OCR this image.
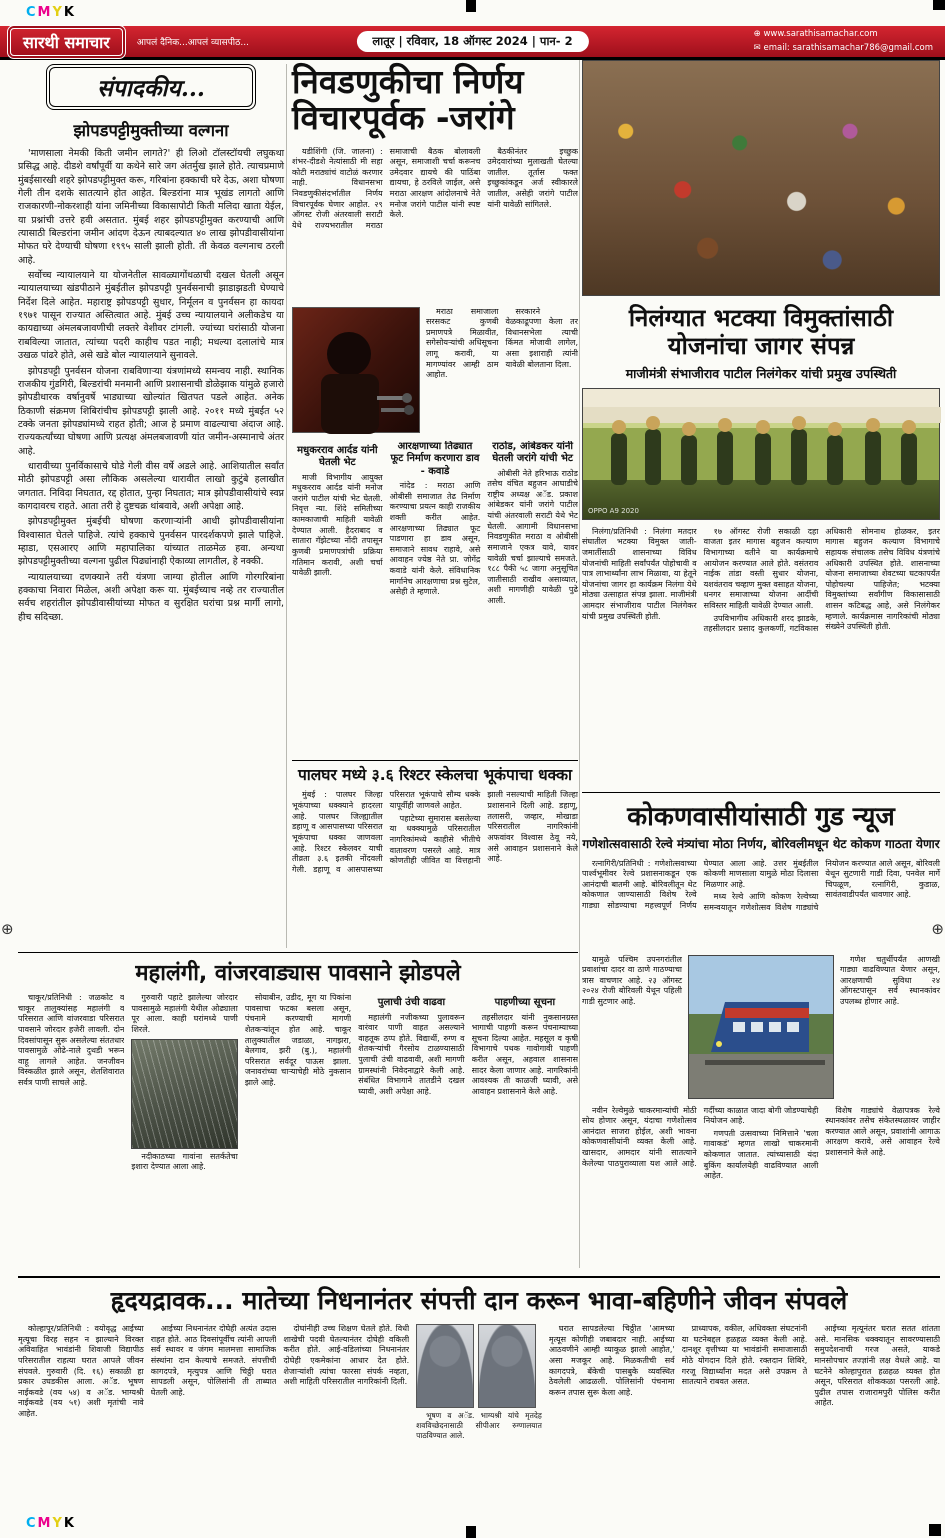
CMYK
सारथी समाचार	आपलं दैनिक...आपलं व्यासपीठ...	लातूर | रविवार, 18 ऑगस्ट 2024 | पान- 2
⊕ www.sarathisamachar.com
✉ email: sarathisamachar786@gmail.com
संपादकीय...
झोपडपट्टीमुक्तीच्या वल्गना

'माणसाला नेमकी किती जमीन लागते?' ही लिओ टॉलस्टॉयची लघुकथा प्रसिद्ध आहे. दीडशे वर्षांपूर्वी या कथेने सारे जग अंतर्मुख झाले होते. त्याचप्रमाणे मुंबईसारखी शहरे झोपडपट्टीमुक्त करू, गरिबांना हक्काची घरे देऊ, अशा घोषणा गेली तीन दशके सातत्याने होत आहेत. बिल्डरांना मात्र भूखंड लागतो आणि राजकारणी-नोकरशाही यांना जमिनीच्या विकासापोटी किती मलिदा खाता येईल, या प्रश्नांची उत्तरे हवी असतात. मुंबई शहर झोपडपट्टीमुक्त करण्याची आणि त्यासाठी बिल्डरांना जमीन आंदण देऊन त्याबदल्यात ४० लाख झोपडीवासीयांना मोफत घरे देण्याची घोषणा १९९५ साली झाली होती. ती केवळ वल्गनाच ठरली आहे.

सर्वोच्च न्यायालयाने या योजनेतील सावळ्यागोंधळाची दखल घेतली असून न्यायालयाच्या खंडपीठाने मुंबईतील झोपडपट्टी पुनर्वसनाची झाडाझडती घेण्याचे निर्देश दिले आहेत. महाराष्ट्र झोपडपट्टी सुधार, निर्मूलन व पुनर्वसन हा कायदा १९७१ पासून राज्यात अस्तित्वात आहे. मुंबई उच्च न्यायालयाने अलीकडेच या कायद्याच्या अंमलबजावणीची लक्तरे वेशीवर टांगली. ज्यांच्या घरांसाठी योजना राबविल्या जातात, त्यांच्या पदरी काहीच पडत नाही; मधल्या दलालांचे मात्र उखळ पांढरे होते, असे खडे बोल न्यायालयाने सुनावले.

झोपडपट्टी पुनर्वसन योजना राबविणाऱ्या यंत्रणांमध्ये समन्वय नाही. स्थानिक राजकीय गुंडगिरी, बिल्डरांची मनमानी आणि प्रशासनाची डोळेझाक यांमुळे हजारो झोपडीधारक वर्षानुवर्षे भाड्याच्या खोल्यांत खितपत पडले आहेत. अनेक ठिकाणी संक्रमण शिबिरांचीच झोपडपट्टी झाली आहे. २०११ मध्ये मुंबईत ५२ टक्के जनता झोपड्यांमध्ये राहत होती; आज हे प्रमाण वाढल्याचा अंदाज आहे. राज्यकर्त्यांच्या घोषणा आणि प्रत्यक्ष अंमलबजावणी यांत जमीन-अस्मानाचे अंतर आहे.

धारावीच्या पुनर्विकासाचे घोडे गेली वीस वर्षे अडले आहे. आशियातील सर्वांत मोठी झोपडपट्टी असा लौकिक असलेल्या धारावीत लाखो कुटुंबे हलाखीत जगतात. निविदा निघतात, रद्द होतात, पुन्हा निघतात; मात्र झोपडीवासीयांचे स्वप्न कागदावरच राहते. आता तरी हे दुष्टचक्र थांबवावे, अशी अपेक्षा आहे.

झोपडपट्टीमुक्त मुंबईची घोषणा करणाऱ्यांनी आधी झोपडीवासीयांना विश्वासात घेतले पाहिजे. त्यांचे हक्काचे पुनर्वसन पारदर्शकपणे झाले पाहिजे. म्हाडा, एसआरए आणि महापालिका यांच्यात ताळमेळ हवा. अन्यथा झोपडपट्टीमुक्तीच्या वल्गना पुढील पिढ्यांनाही ऐकाव्या लागतील, हे नक्की.

न्यायालयाच्या दणक्याने तरी यंत्रणा जाग्या होतील आणि गोरगरिबांना हक्काचा निवारा मिळेल, अशी अपेक्षा करू या. मुंबईच्याच नव्हे तर राज्यातील सर्वच शहरांतील झोपडीवासीयांच्या मोफत व सुरक्षित घरांचा प्रश्न मार्गी लागो, हीच सदिच्छा.

निवडणुकीचा निर्णय विचारपूर्वक -जरांगे

यडीशिंगी (जि. जालना) : शंभर-दीडशे नेत्यांसाठी मी सहा कोटी मराठ्यांचं वाटोळं करणार नाही. विधानसभा निवडणुकीसंदर्भातील निर्णय विचारपूर्वक घेणार आहोत. २९ ऑगस्ट रोजी अंतरवाली सराटी येथे राज्यभरातील मराठा समाजाची बैठक बोलावली असून, समाजाशी चर्चा करूनच उमेदवार द्यायचे की पाठिंबा द्यायचा, हे ठरविले जाईल, असे मराठा आरक्षण आंदोलनाचे नेते मनोज जरांगे पाटील यांनी स्पष्ट केले.

बैठकीनंतर इच्छुक उमेदवारांच्या मुलाखती घेतल्या जातील. तूर्तास फक्त इच्छुकांकडून अर्ज स्वीकारले जातील, असेही जरांगे पाटील यांनी यावेळी सांगितले.

मराठा समाजाला सरसकट कुणबी प्रमाणपत्रे मिळावीत, सगेसोयऱ्यांची अधिसूचना लागू करावी, या मागण्यांवर आम्ही ठाम आहोत.

सरकारने वेळकाढूपणा केला तर विधानसभेला त्याची किंमत मोजावी लागेल, असा इशाराही त्यांनी यावेळी बोलताना दिला.

मधुकरराव आर्दड यांनी घेतली भेट

माजी विभागीय आयुक्त मधुकरराव आर्दड यांनी मनोज जरांगे पाटील यांची भेट घेतली. निवृत्त न्या. शिंदे समितीच्या कामकाजाची माहिती यावेळी देण्यात आली. हैदराबाद व सातारा गॅझेटच्या नोंदी तपासून कुणबी प्रमाणपत्रांची प्रक्रिया गतिमान करावी, अशी चर्चा यावेळी झाली.

आरक्षणाच्या तिढ्यात फूट निर्माण करणारा डाव - कवाडे

नांदेड : मराठा आणि ओबीसी समाजात तेढ निर्माण करण्याचा प्रयत्न काही राजकीय शक्ती करीत आहेत. आरक्षणाच्या तिढ्यात फूट पाडणारा हा डाव असून, समाजाने सावध राहावे, असे आवाहन ज्येष्ठ नेते प्रा. जोगेंद्र कवाडे यांनी केले. संविधानिक मार्गानेच आरक्षणाचा प्रश्न सुटेल, असेही ते म्हणाले.

राठोड, आंबेडकर यांनी घेतली जरांगे यांची भेट

ओबीसी नेते हरिभाऊ राठोड तसेच वंचित बहुजन आघाडीचे राष्ट्रीय अध्यक्ष अॅड. प्रकाश आंबेडकर यांनी जरांगे पाटील यांची अंतरवाली सराटी येथे भेट घेतली. आगामी विधानसभा निवडणुकीत मराठा व ओबीसी समाजाने एकत्र यावे, यावर यावेळी चर्चा झाल्याचे समजते. १८८ पैकी ५८ जागा अनुसूचित जातीसाठी राखीव असाव्यात, अशी मागणीही यावेळी पुढे आली.

निलंग्यात भटक्या विमुक्तांसाठी
योजनांचा जागर संपन्न
माजीमंत्री संभाजीराव पाटील निलंगेकर यांची प्रमुख उपस्थिती
OPPO A9 2020

निलंगा/प्रतिनिधी : निलंगा मतदार संघातील भटक्या विमुक्त जाती-जमातींसाठी शासनाच्या विविध योजनांची माहिती सर्वांपर्यंत पोहोचावी व पात्र लाभार्थ्यांना लाभ मिळावा, या हेतूने योजनांचा जागर हा कार्यक्रम निलंगा येथे मोठ्या उत्साहात संपन्न झाला. माजीमंत्री आमदार संभाजीराव पाटील निलंगेकर यांची प्रमुख उपस्थिती होती.

१७ ऑगस्ट रोजी सकाळी दहा वाजता इतर मागास बहुजन कल्याण विभागाच्या वतीने या कार्यक्रमाचे आयोजन करण्यात आले होते. वसंतराव नाईक तांडा वस्ती सुधार योजना, यशवंतराव चव्हाण मुक्त वसाहत योजना, धनगर समाजाच्या योजना आदींची सविस्तर माहिती यावेळी देण्यात आली.

उपविभागीय अधिकारी शरद झाडके, तहसीलदार प्रसाद कुलकर्णी, गटविकास अधिकारी सोमनाथ होळकर, इतर मागास बहुजन कल्याण विभागाचे सहायक संचालक तसेच विविध यंत्रणांचे अधिकारी उपस्थित होते. शासनाच्या योजना समाजाच्या शेवटच्या घटकापर्यंत पोहोचल्या पाहिजेत; भटक्या विमुक्तांच्या सर्वांगीण विकासासाठी शासन कटिबद्ध आहे, असे निलंगेकर म्हणाले. कार्यक्रमास नागरिकांची मोठ्या संख्येने उपस्थिती होती.

पालघर मध्ये ३.६ रिश्टर स्केलचा भूकंपाचा धक्का

मुंबई : पालघर जिल्हा भूकंपाच्या धक्क्याने हादरला आहे. पालघर जिल्ह्यातील डहाणू व आसपासच्या परिसरात भूकंपाचा धक्का जाणवला आहे. रिश्टर स्केलवर याची तीव्रता ३.६ इतकी नोंदवली गेली. डहाणू व आसपासच्या परिसरात भूकंपाचे सौम्य धक्के यापूर्वीही जाणवले आहेत.

पहाटेच्या सुमारास बसलेल्या या धक्क्यामुळे परिसरातील नागरिकांमध्ये काहीसे भीतीचे वातावरण पसरले आहे. मात्र कोणतीही जीवित वा वित्तहानी झाली नसल्याची माहिती जिल्हा प्रशासनाने दिली आहे. डहाणू, तलासरी, जव्हार, मोखाडा परिसरातील नागरिकांनी अफवांवर विश्वास ठेवू नये, असे आवाहन प्रशासनाने केले आहे.

कोकणवासीयांसाठी गुड न्यूज
गणेशोत्सवासाठी रेल्वे मंत्र्यांचा मोठा निर्णय, बोरिवलीमधून थेट कोकण गाठता येणार

रत्नागिरी/प्रतिनिधी : गणेशोत्सवाच्या पार्श्वभूमीवर रेल्वे प्रशासनाकडून एक आनंदाची बातमी आहे. बोरिवलीतून थेट कोकणात जाण्यासाठी विशेष रेल्वे गाड्या सोडण्याचा महत्त्वपूर्ण निर्णय घेण्यात आला आहे. उत्तर मुंबईतील कोकणी माणसाला यामुळे मोठा दिलासा मिळणार आहे.

मध्य रेल्वे आणि कोकण रेल्वेच्या समन्वयातून गणेशोत्सव विशेष गाड्यांचे नियोजन करण्यात आले असून, बोरिवली येथून सुटणारी गाडी दिवा, पनवेल मार्गे चिपळूण, रत्नागिरी, कुडाळ, सावंतवाडीपर्यंत धावणार आहे.

यामुळे पश्चिम उपनगरांतील प्रवाशांचा दादर वा ठाणे गाठण्याचा त्रास वाचणार आहे. २३ ऑगस्ट २०२४ रोजी बोरिवली येथून पहिली गाडी सुटणार आहे.

गणेश चतुर्थीपर्यंत आणखी गाड्या वाढविण्यात येणार असून, आरक्षणाची सुविधा २४ ऑगस्टपासून सर्व स्थानकांवर उपलब्ध होणार आहे.

नवीन रेल्वेमुळे चाकरमान्यांची मोठी सोय होणार असून, यंदाचा गणेशोत्सव आनंदात साजरा होईल, अशी भावना कोकणवासीयांनी व्यक्त केली आहे. खासदार, आमदार यांनी सातत्याने केलेल्या पाठपुराव्याला यश आले आहे. गर्दीच्या काळात जादा बोगी जोडण्याचेही नियोजन आहे.

गणपती उत्सवाच्या निमित्ताने 'चला गावाकडं' म्हणत लाखो चाकरमानी कोकणात जातात. त्यांच्यासाठी यंदा बुकिंग कार्यालयेही वाढविण्यात आली आहेत.

विशेष गाड्यांचे वेळापत्रक रेल्वे स्थानकांवर तसेच संकेतस्थळावर जाहीर करण्यात आले असून, प्रवाशांनी आगाऊ आरक्षण करावे, असे आवाहन रेल्वे प्रशासनाने केले आहे.

महालंगी, वांजरवाड्यास पावसाने झोडपले

चाकूर/प्रतिनिधी : जळकोट व चाकूर तालुक्यांसह महालंगी व परिसरात आणि वांजरवाडा परिसरात पावसाने जोरदार हजेरी लावली. दोन दिवसांपासून सुरू असलेल्या संततधार पावसामुळे ओढे-नाले दुथडी भरून वाहू लागले आहेत. जनजीवन विस्कळीत झाले असून, शेतशिवारात सर्वत्र पाणी साचले आहे.

गुरुवारी पहाटे झालेल्या जोरदार पावसामुळे महालंगी येथील ओढ्याला पूर आला. काही घरांमध्ये पाणी शिरले.

नदीकाठच्या गावांना सतर्कतेचा इशारा देण्यात आला आहे.

सोयाबीन, उडीद, मूग या पिकांना पावसाचा फटका बसला असून, पंचनामे करण्याची मागणी शेतकऱ्यांतून होत आहे. चाकूर तालुक्यातील जडाळा, नागझरा, बेलगाव, झरी (बु.), महालंगी परिसरात सर्वदूर पाऊस झाला. जनावरांच्या चाऱ्याचेही मोठे नुकसान झाले आहे.

पुलाची उंची वाढवा

महालंगी नजीकच्या पुलावरून वारंवार पाणी वाहत असल्याने वाहतूक ठप्प होते. विद्यार्थी, रुग्ण व शेतकऱ्यांची गैरसोय टाळण्यासाठी पुलाची उंची वाढवावी, अशी मागणी ग्रामस्थांनी निवेदनाद्वारे केली आहे. संबंधित विभागाने तातडीने दखल घ्यावी, अशी अपेक्षा आहे.

पाहणीच्या सूचना

तहसीलदार यांनी नुकसानग्रस्त भागाची पाहणी करून पंचनाम्याच्या सूचना दिल्या आहेत. महसूल व कृषी विभागाचे पथक गावोगावी पाहणी करीत असून, अहवाल शासनास सादर केला जाणार आहे. नागरिकांनी आवश्यक ती काळजी घ्यावी, असे आवाहन प्रशासनाने केले आहे.

हृदयद्रावक... मातेच्या निधनानंतर संपत्ती दान करून भावा-बहिणीने जीवन संपवले

कोल्हापूर/प्रतिनिधी : वयोवृद्ध आईच्या मृत्यूचा विरह सहन न झाल्याने विरक्त अविवाहित भावंडांनी शिवाजी विद्यापीठ परिसरातील राहत्या घरात आपले जीवन संपवले. गुरुवारी (दि. १६) सकाळी हा प्रकार उघडकीस आला. अॅड. भूषण नाईकवडे (वय ५४) व अॅड. भाग्यश्री नाईकवडे (वय ५१) अशी मृतांची नावे आहेत.

आईच्या निधनानंतर दोघेही अत्यंत उदास राहत होते. आठ दिवसांपूर्वीच त्यांनी आपली सर्व स्थावर व जंगम मालमत्ता सामाजिक संस्थांना दान केल्याचे समजते. संपत्तीची कागदपत्रे, मृत्युपत्र आणि चिठ्ठी घरात सापडली असून, पोलिसांनी ती ताब्यात घेतली आहे.

दोघांनीही उच्च शिक्षण घेतले होते. विधी शाखेची पदवी घेतल्यानंतर दोघेही वकिली करीत होते. आई-वडिलांच्या निधनानंतर दोघेही एकमेकांना आधार देत होते. शेजाऱ्यांशी त्यांचा फारसा संपर्क नव्हता, अशी माहिती परिसरातील नागरिकांनी दिली.

भूषण व अॅड. भाग्यश्री यांचे मृतदेह शवविच्छेदनासाठी सीपीआर रुग्णालयात पाठविण्यात आले.

घरात सापडलेल्या चिठ्ठीत 'आमच्या मृत्यूस कोणीही जबाबदार नाही. आईच्या आठवणीने आम्ही व्याकूळ झालो आहोत,' असा मजकूर आहे. मिळकतीची सर्व कागदपत्रे, बँकेची पासबुके व्यवस्थित ठेवलेली आढळली. पोलिसांनी पंचनामा करून तपास सुरू केला आहे.

प्राध्यापक, वकील, अधिवक्ता संघटनांनी या घटनेबद्दल हळहळ व्यक्त केली आहे. दानशूर वृत्तीच्या या भावंडांनी समाजासाठी मोठे योगदान दिले होते. रक्तदान शिबिरे, गरजू विद्यार्थ्यांना मदत असे उपक्रम ते सातत्याने राबवत असत.

आईच्या मृत्यूनंतर घरात सतत शांतता असे. मानसिक धक्क्यातून सावरण्यासाठी समुपदेशनाची गरज असते, याकडे मानसोपचार तज्ज्ञांनी लक्ष वेधले आहे. या घटनेने कोल्हापुरात हळहळ व्यक्त होत असून, परिसरात शोककळा पसरली आहे. पुढील तपास राजारामपुरी पोलिस करीत आहेत.

⊕	⊕
CMYK
